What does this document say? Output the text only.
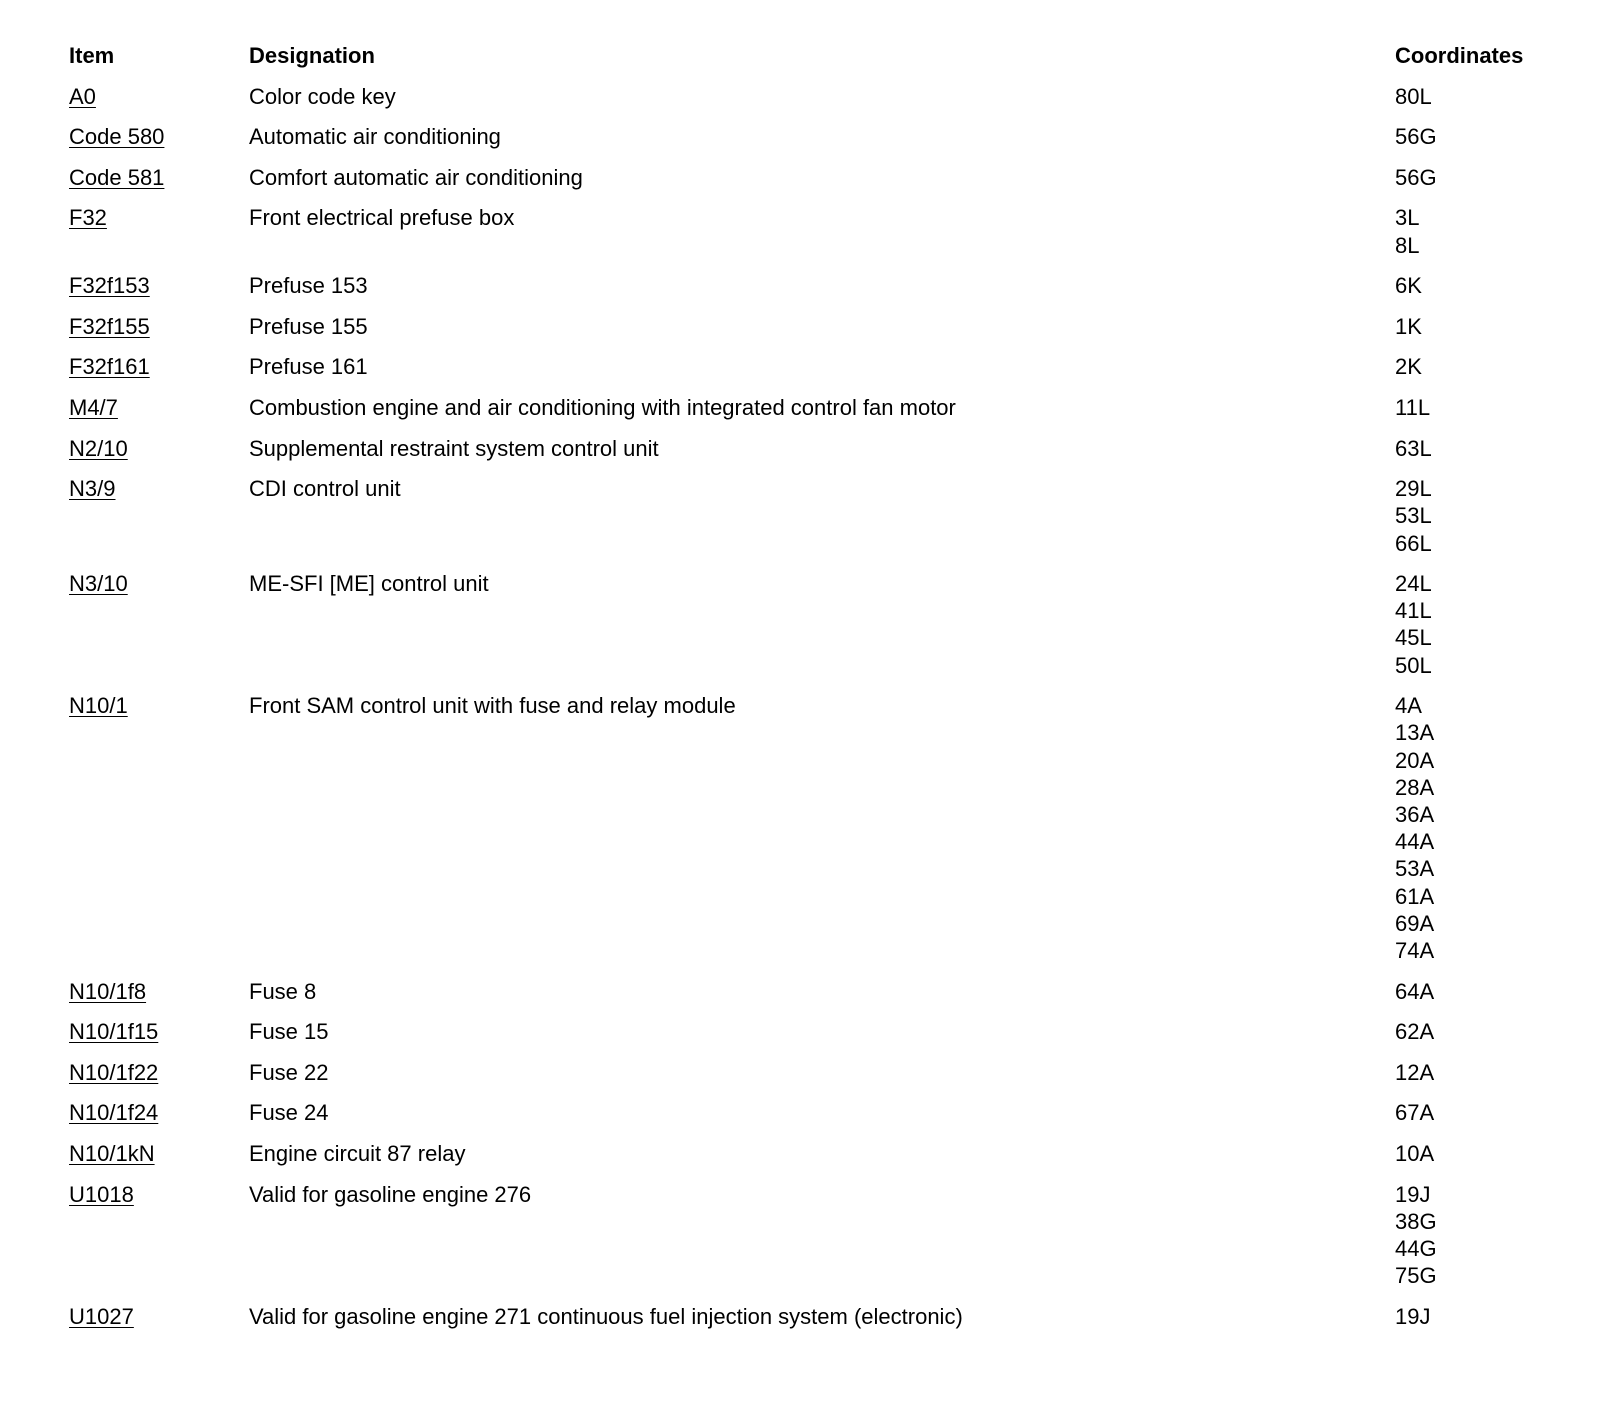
Item	Designation	Coordinates
A0	Color code key	80L
Code 580	Automatic air conditioning	56G
Code 581	Comfort automatic air conditioning	56G
F32	Front electrical prefuse box	3L
8L
F32f153	Prefuse 153	6K
F32f155	Prefuse 155	1K
F32f161	Prefuse 161	2K
M4/7	Combustion engine and air conditioning with integrated control fan motor	11L
N2/10	Supplemental restraint system control unit	63L
N3/9	CDI control unit	29L
53L
66L
N3/10	ME-SFI [ME] control unit	24L
41L
45L
50L
N10/1	Front SAM control unit with fuse and relay module	4A
13A
20A
28A
36A
44A
53A
61A
69A
74A
N10/1f8	Fuse 8	64A
N10/1f15	Fuse 15	62A
N10/1f22	Fuse 22	12A
N10/1f24	Fuse 24	67A
N10/1kN	Engine circuit 87 relay	10A
U1018	Valid for gasoline engine 276	19J
38G
44G
75G
U1027	Valid for gasoline engine 271 continuous fuel injection system (electronic)	19J
